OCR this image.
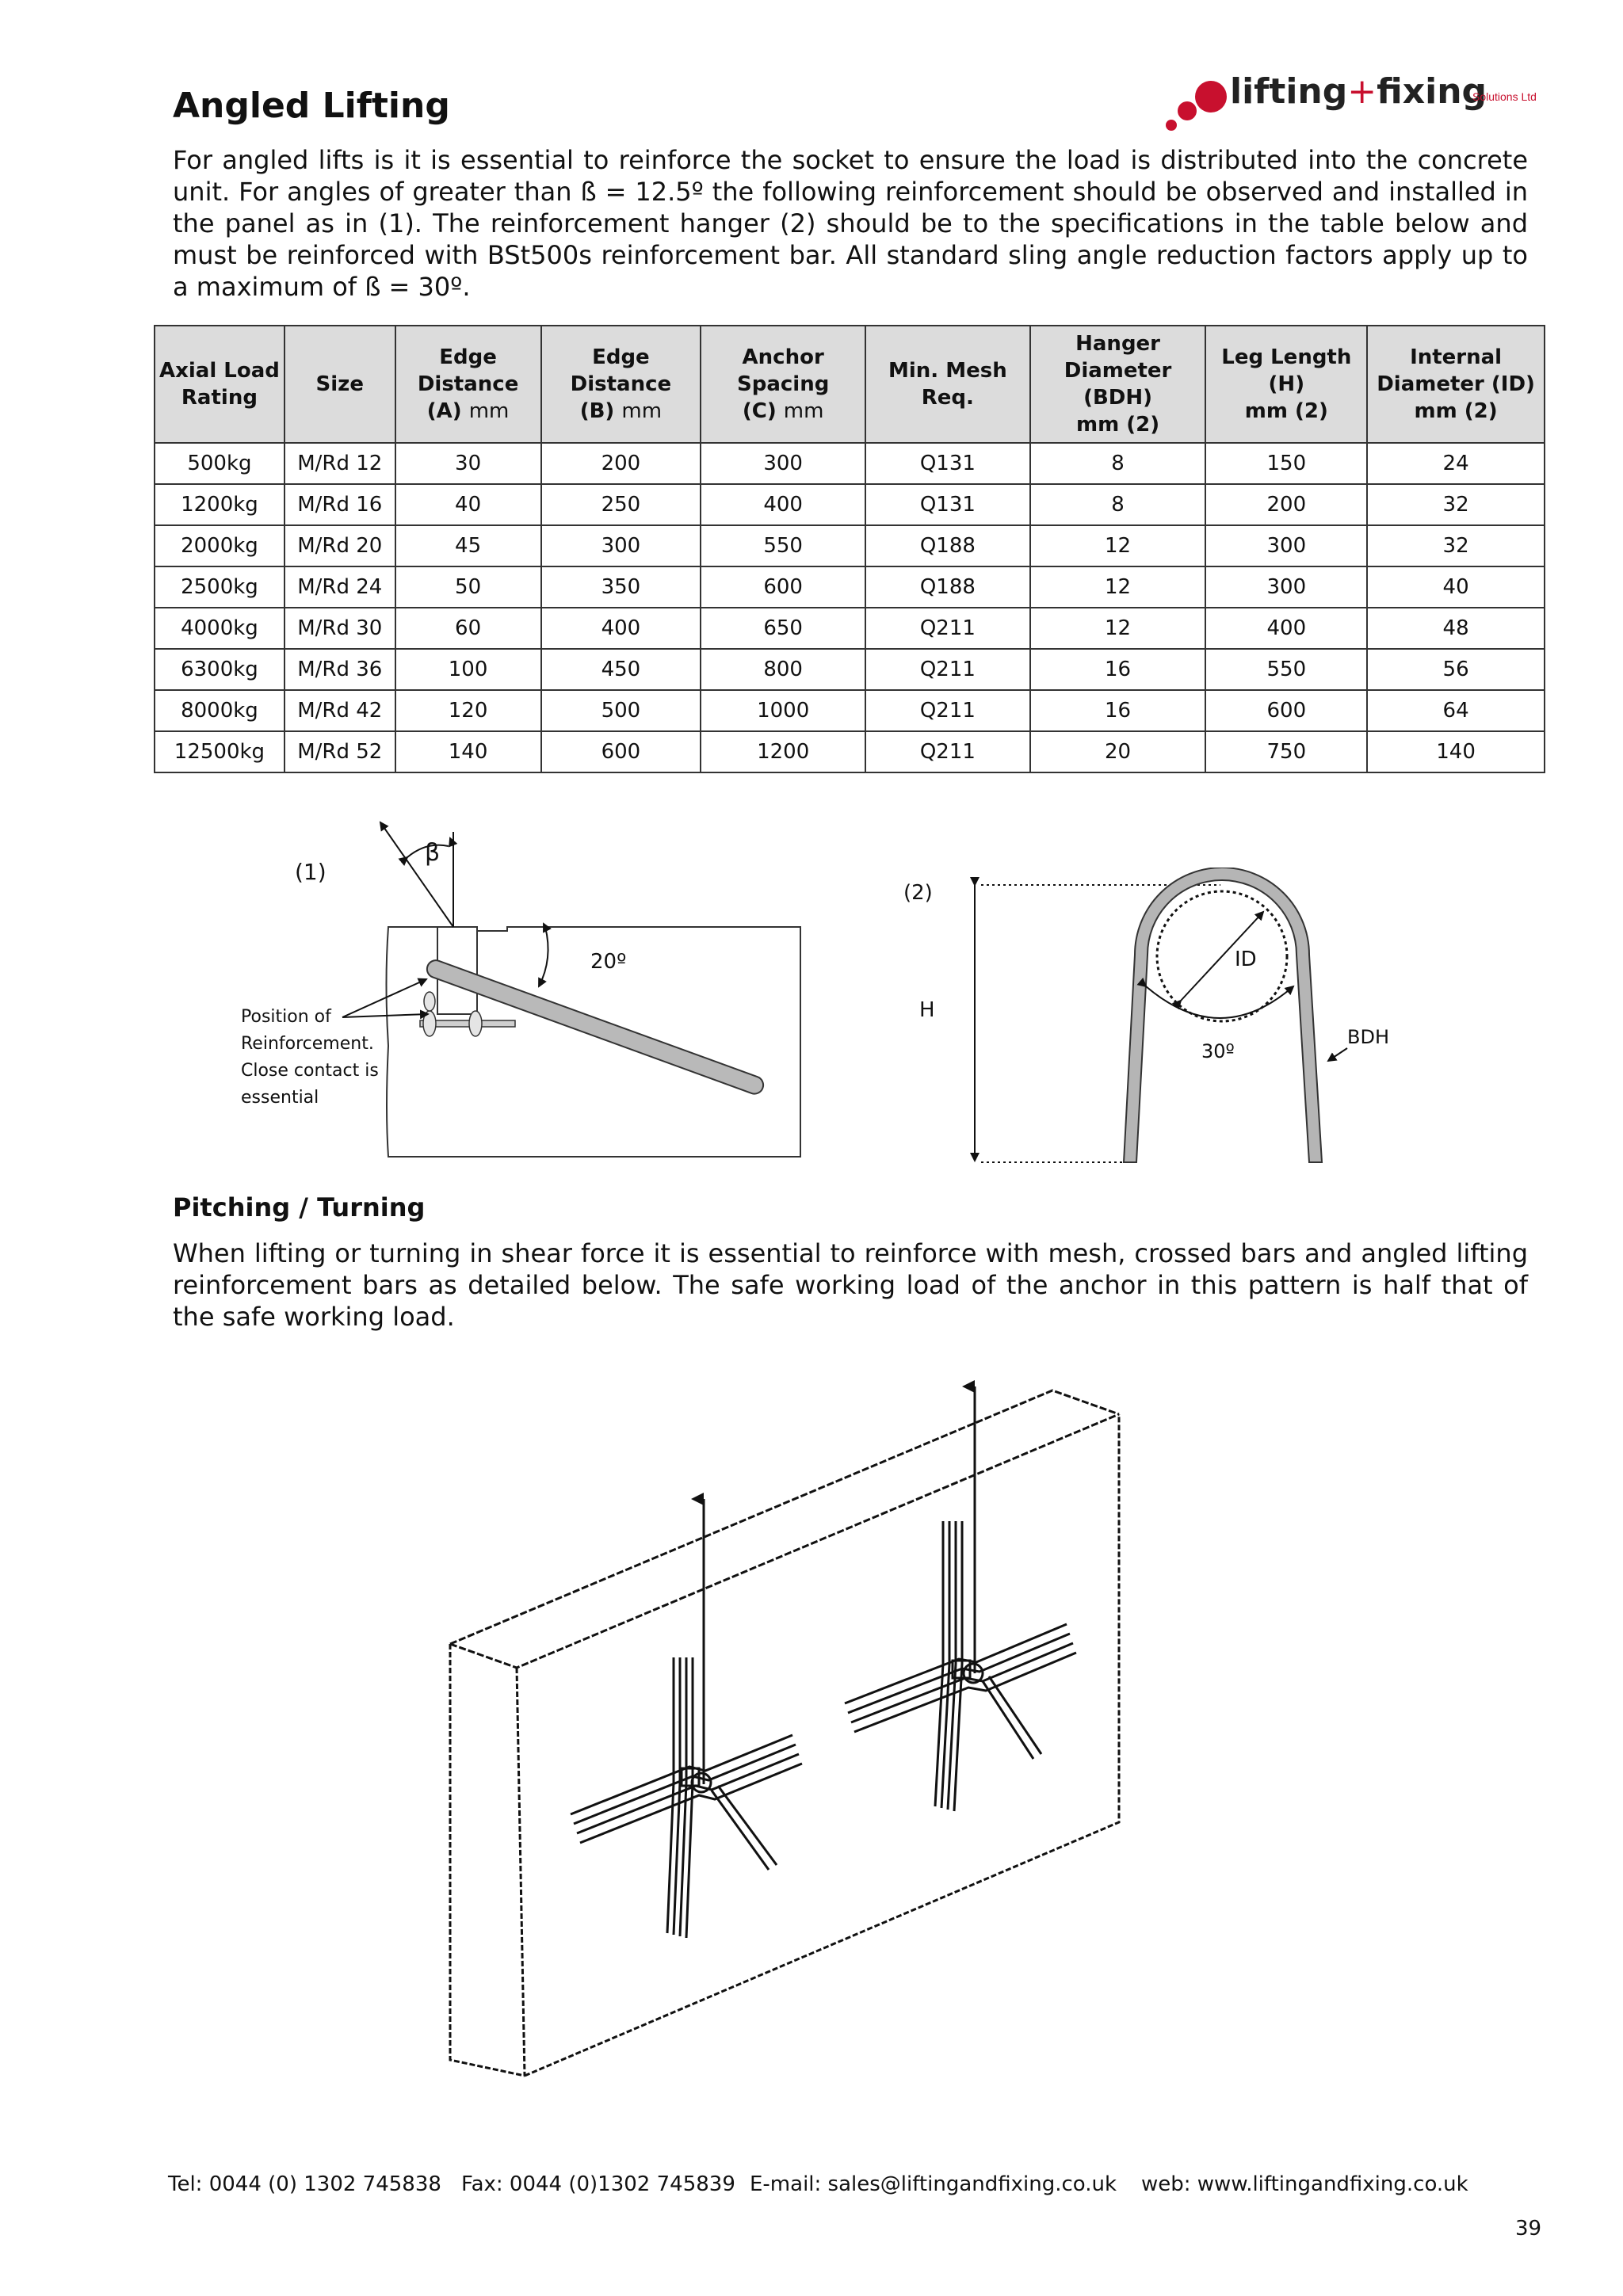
Angled Lifting	lifting+fixing
Solutions Ltd

For angled lifts is it is essential to reinforce the socket to ensure the load is distributed into the concrete unit. For angles of greater than ß = 12.5º the following reinforcement should be observed and installed in the panel as in (1). The reinforcement hanger (2) should be to the specifications in the table below and must be reinforced with BSt500s reinforcement bar. All standard sling angle reduction factors apply up to a maximum of ß = 30º.

Axial Load
Rating	Size	Edge Distance
(A) mm	Edge Distance
(B) mm	Anchor Spacing
(C) mm	Min. Mesh Req.	Hanger
Diameter (BDH)
mm (2)	Leg Length (H)
mm (2)	Internal
Diameter (ID)
mm (2)
500kg	M/Rd 12	30	200	300	Q131	8	150	24
1200kg	M/Rd 16	40	250	400	Q131	8	200	32
2000kg	M/Rd 20	45	300	550	Q188	12	300	32
2500kg	M/Rd 24	50	350	600	Q188	12	300	40
4000kg	M/Rd 30	60	400	650	Q211	12	400	48
6300kg	M/Rd 36	100	450	800	Q211	16	550	56
8000kg	M/Rd 42	120	500	1000	Q211	16	600	64
12500kg	M/Rd 52	140	600	1200	Q211	20	750	140
β
20º
(1)
Position of
Reinforcement.
Close contact is
essential
(2)
H
ID
30º
BDH
Pitching / Turning

When lifting or turning in shear force it is essential to reinforce with mesh, crossed bars and angled lifting reinforcement bars as detailed below. The safe working load of the anchor in this pattern is half that of the safe working load.

Tel: 0044 (0) 1302 745838 Fax: 0044 (0)1302 745839 E-mail: sales@liftingandfixing.co.uk web: www.liftingandfixing.co.uk
39
